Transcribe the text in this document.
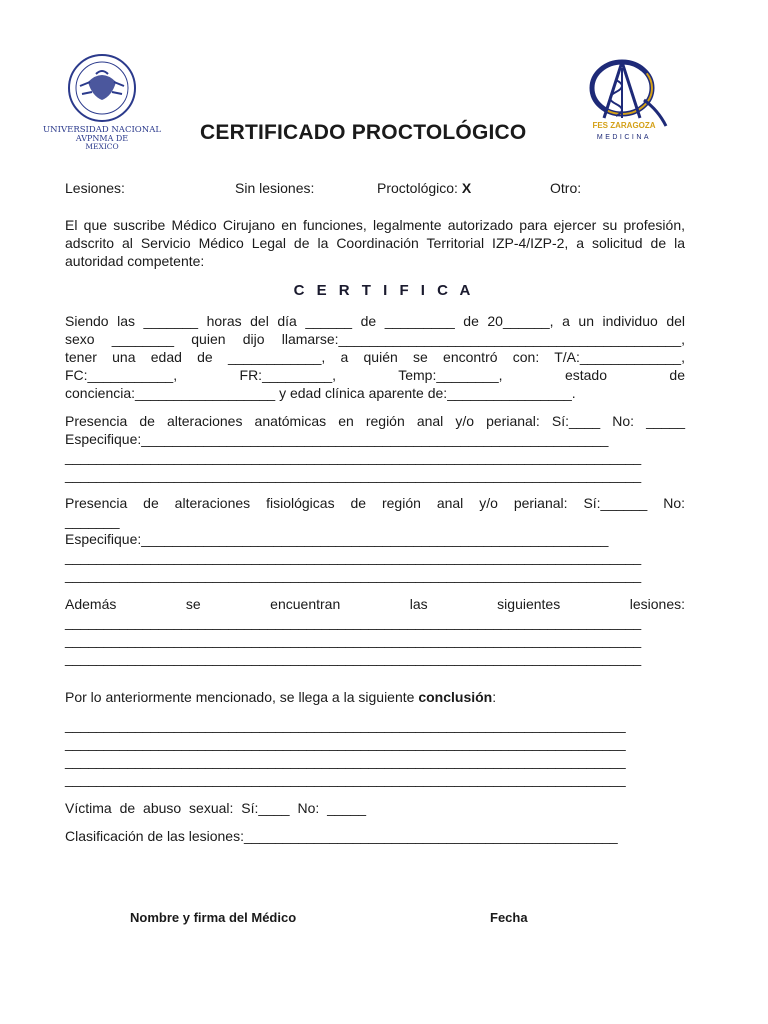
UNIVERSIDAD NACIONAL
AVPNMA DE
MEXICO
FES ZARAGOZA
MEDICINA
CERTIFICADO PROCTOLÓGICO
Lesiones:	Sin lesiones:	Proctológico: X	Otro:
El que suscribe Médico Cirujano en funciones, legalmente autorizado para ejercer su profesión, adscrito al Servicio Médico Legal de la Coordinación Territorial IZP-4/IZP-2, a solicitud de la autoridad competente:
C E R T I F I C A
Siendo las _______ horas del día ______ de _________ de 20______, a un individuo del
sexo ________ quien dijo llamarse:____________________________________________,
tener una edad de ____________, a quién se encontró con: T/A:_____________,
FC:___________, FR:_________, Temp:________, estado de
conciencia:__________________ y edad clínica aparente de:________________.
Presencia de alteraciones anatómicas en región anal y/o perianal: Sí:____ No: _____
Especifique:____________________________________________________________
__________________________________________________________________________
__________________________________________________________________________
Presencia de alteraciones fisiológicas de región anal y/o perianal: Sí:______ No:
_______
Especifique:____________________________________________________________
__________________________________________________________________________
__________________________________________________________________________
Además se encuentran las siguientes lesiones:
__________________________________________________________________________
__________________________________________________________________________
__________________________________________________________________________
Por lo anteriormente mencionado, se llega a la siguiente conclusión:
________________________________________________________________________
________________________________________________________________________
________________________________________________________________________
________________________________________________________________________
Víctima de abuso sexual: Sí:____ No: _____
Clasificación de las lesiones:________________________________________________
Nombre y firma del Médico	Fecha
